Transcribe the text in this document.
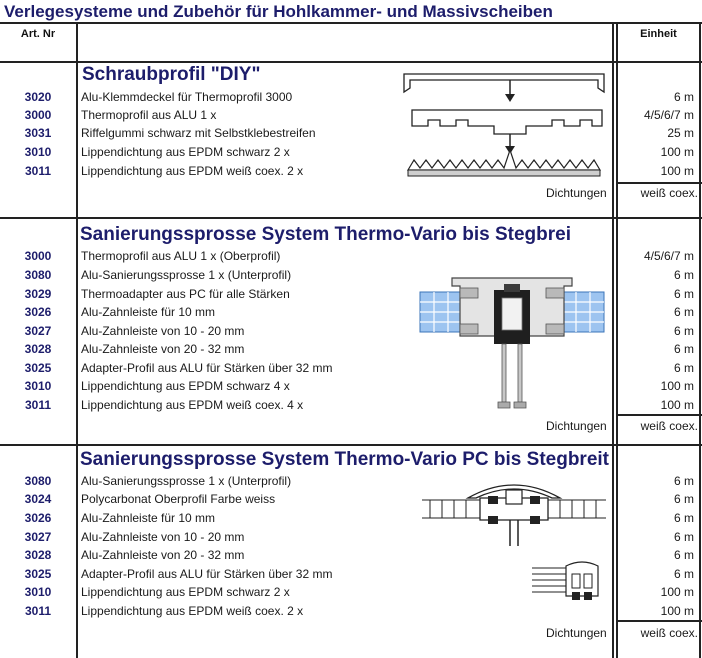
Verlegesysteme und Zubehör für Hohlkammer- und Massivscheiben
Art. Nr	Einheit
Schraubprofil "DIY"
3020	Alu-Klemmdeckel für Thermoprofil 3000	6 m
3000	Thermoprofil aus ALU 1 x	4/5/6/7 m
3031	Riffelgummi schwarz mit Selbstklebestreifen	25 m
3010	Lippendichtung aus EPDM schwarz 2 x	100 m
3011	Lippendichtung aus EPDM weiß coex. 2 x	100 m
Dichtungen	weiß coex.
Sanierungssprosse System Thermo-Vario bis Stegbrei
3000	Thermoprofil aus ALU 1 x (Oberprofil)	4/5/6/7 m
3080	Alu-Sanierungssprosse 1 x (Unterprofil)	6 m
3029	Thermoadapter aus PC für alle Stärken	6 m
3026	Alu-Zahnleiste für 10 mm	6 m
3027	Alu-Zahnleiste von 10 - 20 mm	6 m
3028	Alu-Zahnleiste von 20 - 32 mm	6 m
3025	Adapter-Profil aus ALU für Stärken über 32 mm	6 m
3010	Lippendichtung aus EPDM schwarz 4 x	100 m
3011	Lippendichtung aus EPDM weiß coex. 4 x	100 m
Dichtungen	weiß coex.
Sanierungssprosse System Thermo-Vario PC bis Stegbreit
3080	Alu-Sanierungssprosse 1 x (Unterprofil)	6 m
3024	Polycarbonat Oberprofil Farbe weiss	6 m
3026	Alu-Zahnleiste für 10 mm	6 m
3027	Alu-Zahnleiste von 10 - 20 mm	6 m
3028	Alu-Zahnleiste von 20 - 32 mm	6 m
3025	Adapter-Profil aus ALU für Stärken über 32 mm	6 m
3010	Lippendichtung aus EPDM schwarz 2 x	100 m
3011	Lippendichtung aus EPDM weiß coex. 2 x	100 m
Dichtungen	weiß coex.
